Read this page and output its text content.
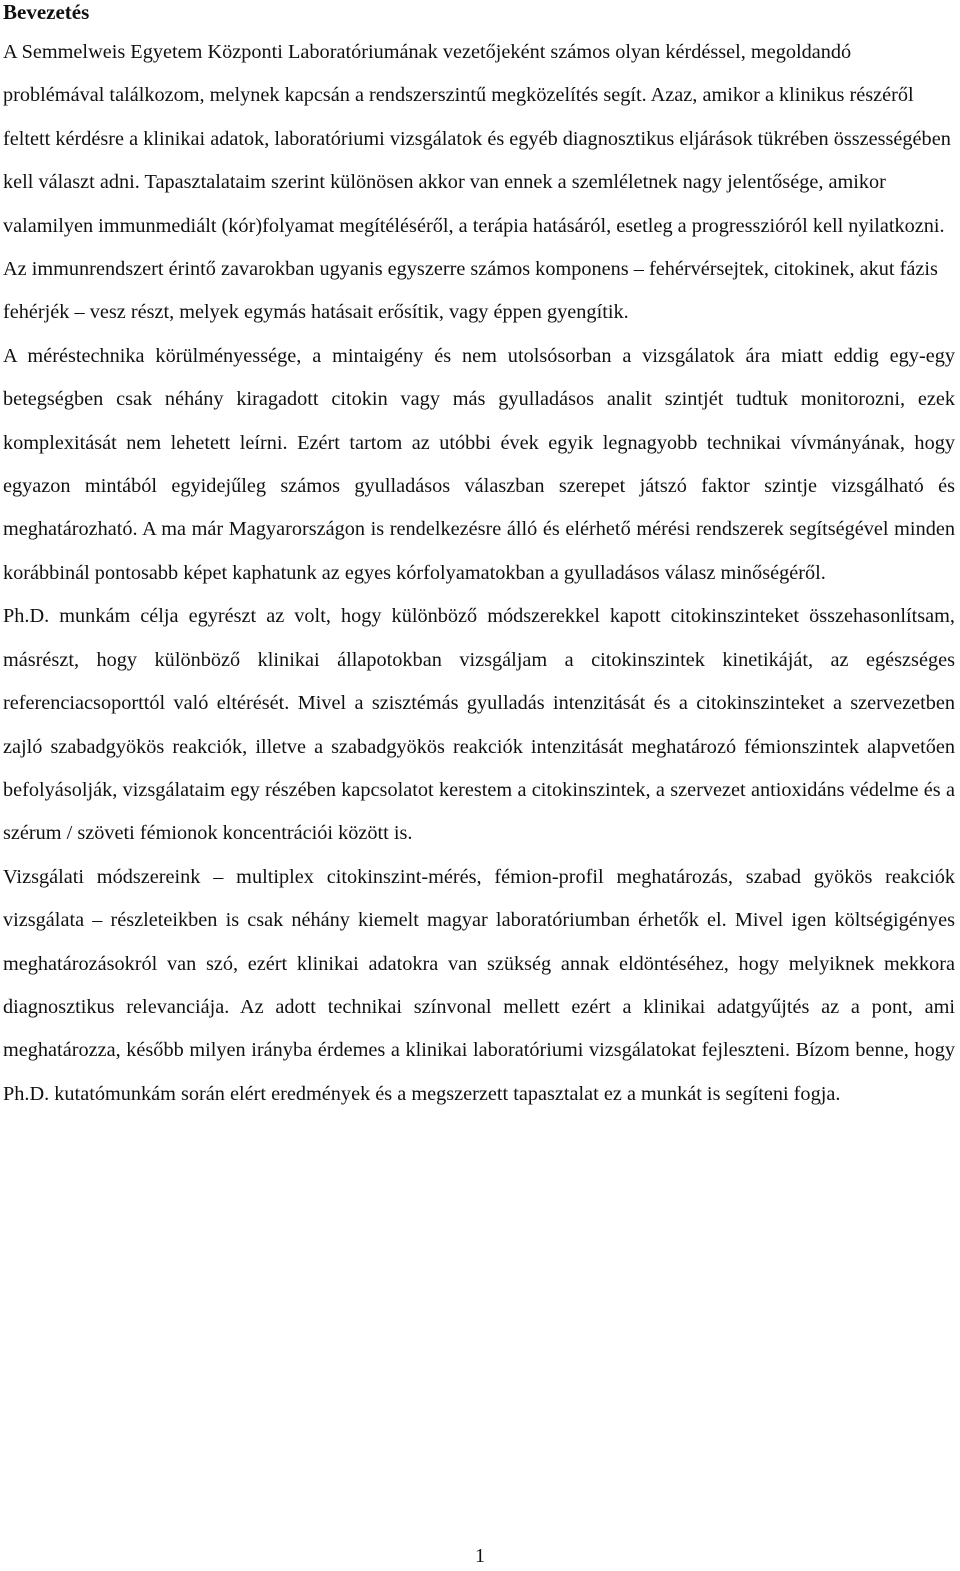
Bevezetés

A Semmelweis Egyetem Központi Laboratóriumának vezetőjeként számos olyan kérdéssel, megoldandó problémával találkozom, melynek kapcsán a rendszerszintű megközelítés segít. Azaz, amikor a klinikus részéről feltett kérdésre a klinikai adatok, laboratóriumi vizsgálatok és egyéb diagnosztikus eljárások tükrében összességében kell választ adni. Tapasztalataim szerint különösen akkor van ennek a szemléletnek nagy jelentősége, amikor valamilyen immunmediált (kór)folyamat megítéléséről, a terápia hatásáról, esetleg a progresszióról kell nyilatkozni. Az immunrendszert érintő zavarokban ugyanis egyszerre számos komponens – fehérvérsejtek, citokinek, akut fázis fehérjék – vesz részt, melyek egymás hatásait erősítik, vagy éppen gyengítik.

A méréstechnika körülményessége, a mintaigény és nem utolsósorban a vizsgálatok ára miatt eddig egy-egy betegségben csak néhány kiragadott citokin vagy más gyulladásos analit szintjét tudtuk monitorozni, ezek komplexitását nem lehetett leírni. Ezért tartom az utóbbi évek egyik legnagyobb technikai vívmányának, hogy egyazon mintából egyidejűleg számos gyulladásos válaszban szerepet játszó faktor szintje vizsgálható és meghatározható. A ma már Magyarországon is rendelkezésre álló és elérhető mérési rendszerek segítségével minden korábbinál pontosabb képet kaphatunk az egyes kórfolyamatokban a gyulladásos válasz minőségéről.

Ph.D. munkám célja egyrészt az volt, hogy különböző módszerekkel kapott citokinszinteket összehasonlítsam, másrészt, hogy különböző klinikai állapotokban vizsgáljam a citokinszintek kinetikáját, az egészséges referenciacsoporttól való eltérését. Mivel a szisztémás gyulladás intenzitását és a citokinszinteket a szervezetben zajló szabadgyökös reakciók, illetve a szabadgyökös reakciók intenzitását meghatározó fémionszintek alapvetően befolyásolják, vizsgálataim egy részében kapcsolatot kerestem a citokinszintek, a szervezet antioxidáns védelme és a szérum / szöveti fémionok koncentrációi között is.

Vizsgálati módszereink – multiplex citokinszint-mérés, fémion-profil meghatározás, szabad gyökös reakciók vizsgálata – részleteikben is csak néhány kiemelt magyar laboratóriumban érhetők el. Mivel igen költségigényes meghatározásokról van szó, ezért klinikai adatokra van szükség annak eldöntéséhez, hogy melyiknek mekkora diagnosztikus relevanciája. Az adott technikai színvonal mellett ezért a klinikai adatgyűjtés az a pont, ami meghatározza, később milyen irányba érdemes a klinikai laboratóriumi vizsgálatokat fejleszteni. Bízom benne, hogy Ph.D. kutatómunkám során elért eredmények és a megszerzett tapasztalat ez a munkát is segíteni fogja.

1
